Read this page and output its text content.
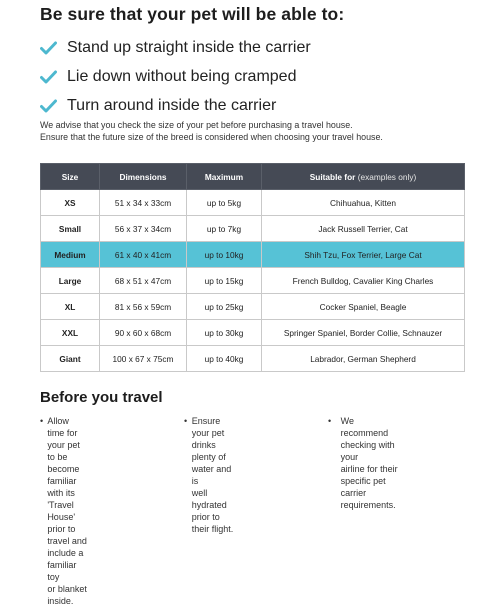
Be sure that your pet will be able to:
Stand up straight inside the carrier
Lie down without being cramped
Turn around inside the carrier
We advise that you check the size of your pet before purchasing a travel house.
Ensure that the future size of the breed is considered when choosing your travel house.
Size	Dimensions	Maximum	Suitable for (examples only)
XS	51 x 34 x 33cm	up to 5kg	Chihuahua, Kitten
Small	56 x 37 x 34cm	up to 7kg	Jack Russell Terrier, Cat
Medium	61 x 40 x 41cm	up to 10kg	Shih Tzu, Fox Terrier, Large Cat
Large	68 x 51 x 47cm	up to 15kg	French Bulldog, Cavalier King Charles
XL	81 x 56 x 59cm	up to 25kg	Cocker Spaniel, Beagle
XXL	90 x 60 x 68cm	up to 30kg	Springer Spaniel, Border Collie, Schnauzer
Giant	100 x 67 x 75cm	up to 40kg	Labrador, German Shepherd
Before you travel
• Allow time for your pet
to be become familiar
with its 'Travel House'
prior to travel and
include a familiar toy
or blanket inside.
• Ensure your pet drinks
plenty of water and is
well hydrated prior to
their flight.
•	We recommend
checking with your
airline for their
specific pet carrier
requirements.
